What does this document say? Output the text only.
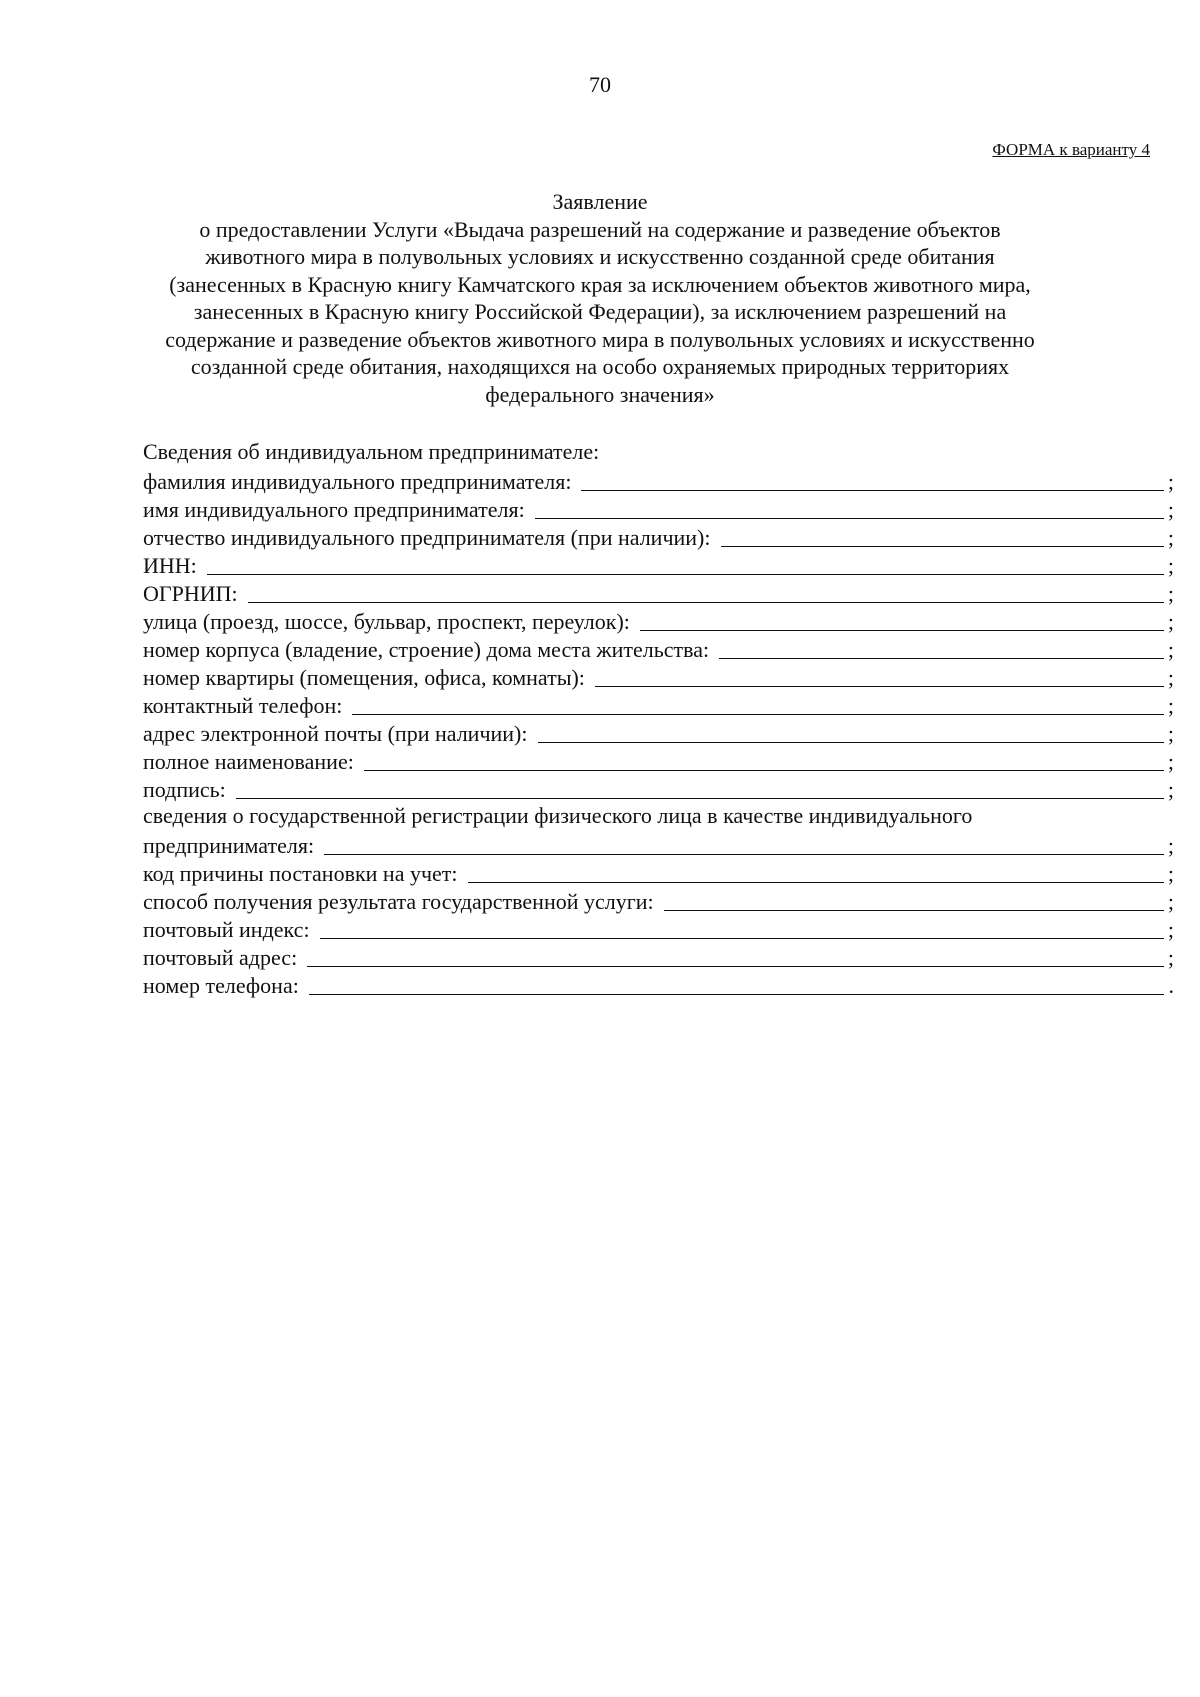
70
ФОРМА к варианту 4
Заявление
о предоставлении Услуги «Выдача разрешений на содержание и разведение объектов
животного мира в полувольных условиях и искусственно созданной среде обитания
(занесенных в Красную книгу Камчатского края за исключением объектов животного мира,
занесенных в Красную книгу Российской Федерации), за исключением разрешений на
содержание и разведение объектов животного мира в полувольных условиях и искусственно
созданной среде обитания, находящихся на особо охраняемых природных территориях
федерального значения»
Сведения об индивидуальном предпринимателе:
фамилия индивидуального предпринимателя:	;
имя индивидуального предпринимателя:	;
отчество индивидуального предпринимателя (при наличии):	;
ИНН:	;
ОГРНИП:	;
улица (проезд, шоссе, бульвар, проспект, переулок):	;
номер корпуса (владение, строение) дома места жительства:	;
номер квартиры (помещения, офиса, комнаты):	;
контактный телефон:	;
адрес электронной почты (при наличии):	;
полное наименование:	;
подпись:	;
сведения о государственной регистрации физического лица в качестве индивидуального
предпринимателя:	;
код причины постановки на учет:	;
способ получения результата государственной услуги:	;
почтовый индекс:	;
почтовый адрес:	;
номер телефона:	.
